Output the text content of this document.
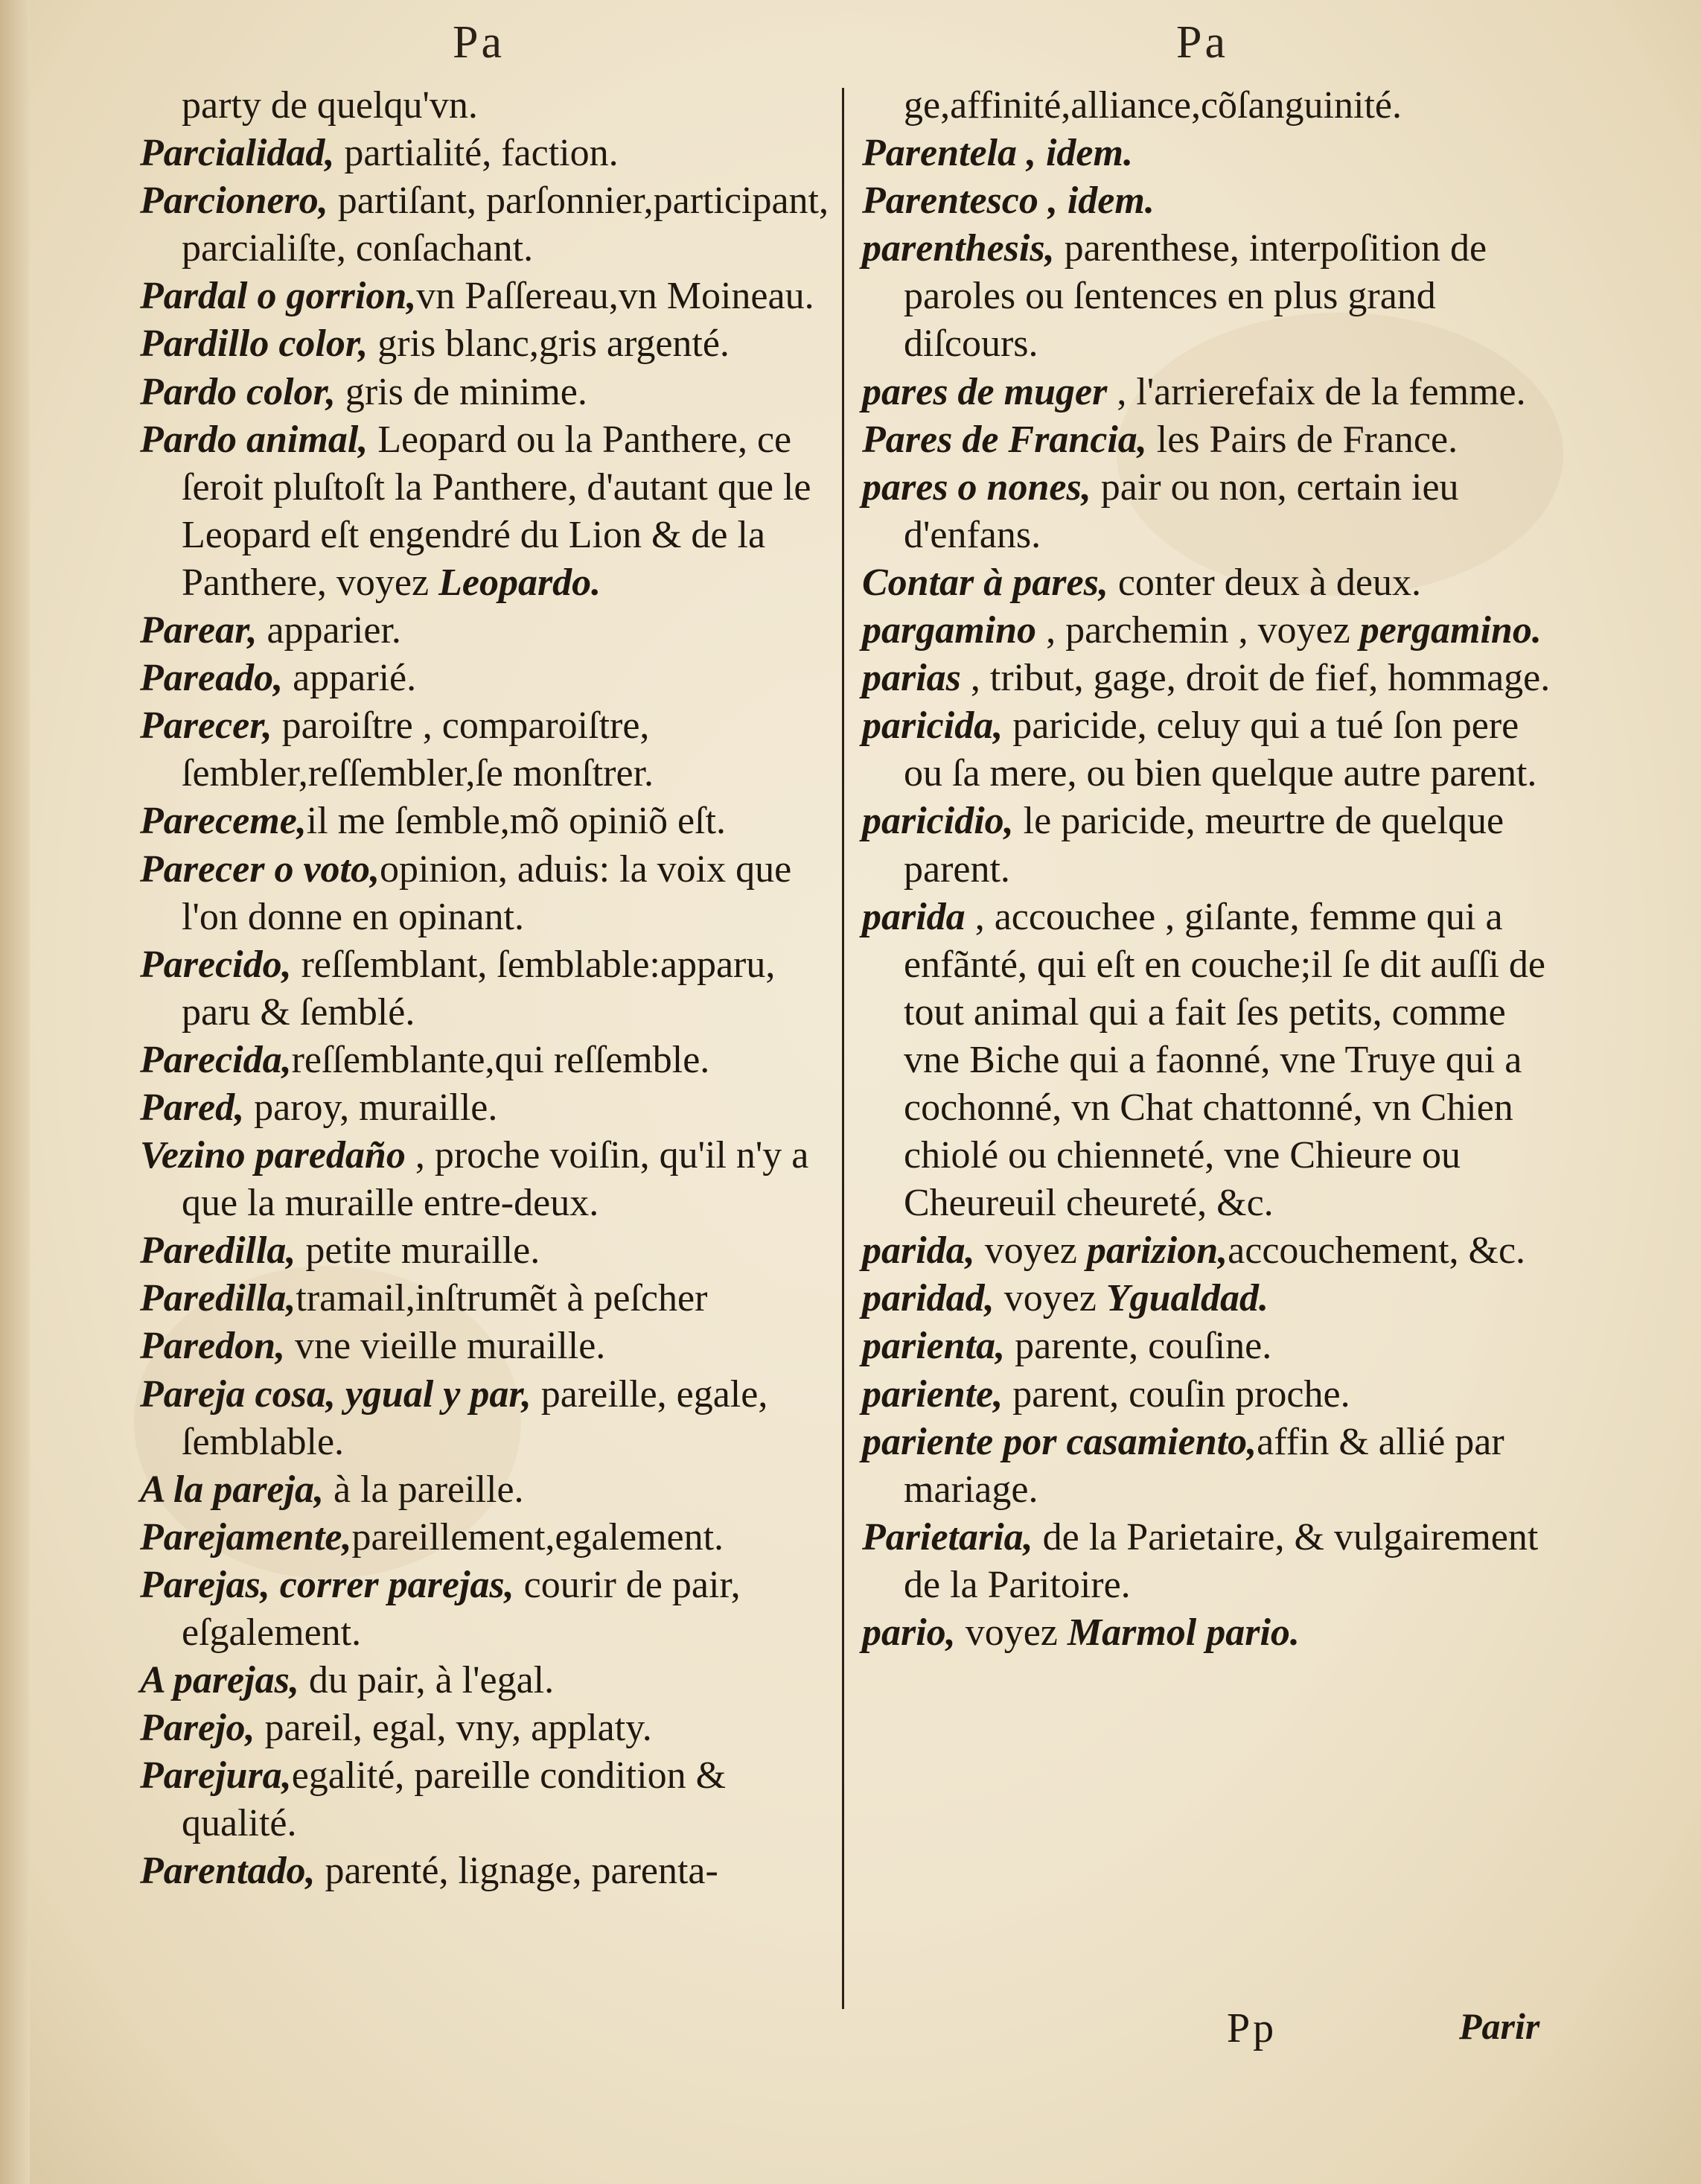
Pa	Pa

party de quelqu'vn.

Parcialidad, partialité, faction.

Parcionero, partiſant, parſonnier,participant, parcialiſte, conſachant.

Pardal o gorrion,vn Paſſereau,vn Moineau.

Pardillo color, gris blanc,gris argenté.

Pardo color, gris de minime.

Pardo animal, Leopard ou la Panthere, ce ſeroit pluſtoſt la Panthere, d'autant que le Leopard eſt engendré du Lion & de la Panthere, voyez Leopardo.

Parear, apparier.

Pareado, apparié.

Parecer, paroiſtre , comparoiſtre, ſembler,reſſembler,ſe monſtrer.

Pareceme,il me ſemble,mõ opiniõ eſt.

Parecer o voto,opinion, aduis: la voix que l'on donne en opinant.

Parecido, reſſemblant, ſemblable:apparu, paru & ſemblé.

Parecida,reſſemblante,qui reſſemble.

Pared, paroy, muraille.

Vezino paredaño , proche voiſin, qu'il n'y a que la muraille entre-deux.

Paredilla, petite muraille.

Paredilla,tramail,inſtrumẽt à peſcher

Paredon, vne vieille muraille.

Pareja cosa, ygual y par, pareille, egale, ſemblable.

A la pareja, à la pareille.

Parejamente,pareillement,egalement.

Parejas, correr parejas, courir de pair, eſgalement.

A parejas, du pair, à l'egal.

Parejo, pareil, egal, vny, applaty.

Parejura,egalité, pareille condition & qualité.

Parentado, parenté, lignage, parenta-

ge,affinité,alliance,cõſanguinité.

Parentela , idem.

Parentesco , idem.

parenthesis, parenthese, interpoſition de paroles ou ſentences en plus grand diſcours.

pares de muger , l'arrierefaix de la femme.

Pares de Francia, les Pairs de France.

pares o nones, pair ou non, certain ieu d'enfans.

Contar à pares, conter deux à deux.

pargamino , parchemin , voyez pergamino.

parias , tribut, gage, droit de fief, hommage.

paricida, paricide, celuy qui a tué ſon pere ou ſa mere, ou bien quelque autre parent.

paricidio, le paricide, meurtre de quelque parent.

parida , accouchee , giſante, femme qui a enfãnté, qui eſt en couche;il ſe dit auſſi de tout animal qui a fait ſes petits, comme vne Biche qui a faonné, vne Truye qui a cochonné, vn Chat chattonné, vn Chien chiolé ou chienneté, vne Chieure ou Cheureuil cheureté, &c.

parida, voyez parizion,accouchement, &c.

paridad, voyez Ygualdad.

parienta, parente, couſine.

pariente, parent, couſin proche.

pariente por casamiento,affin & allié par mariage.

Parietaria, de la Parietaire, & vulgairement de la Paritoire.

pario, voyez Marmol pario.

Pp	Parir
